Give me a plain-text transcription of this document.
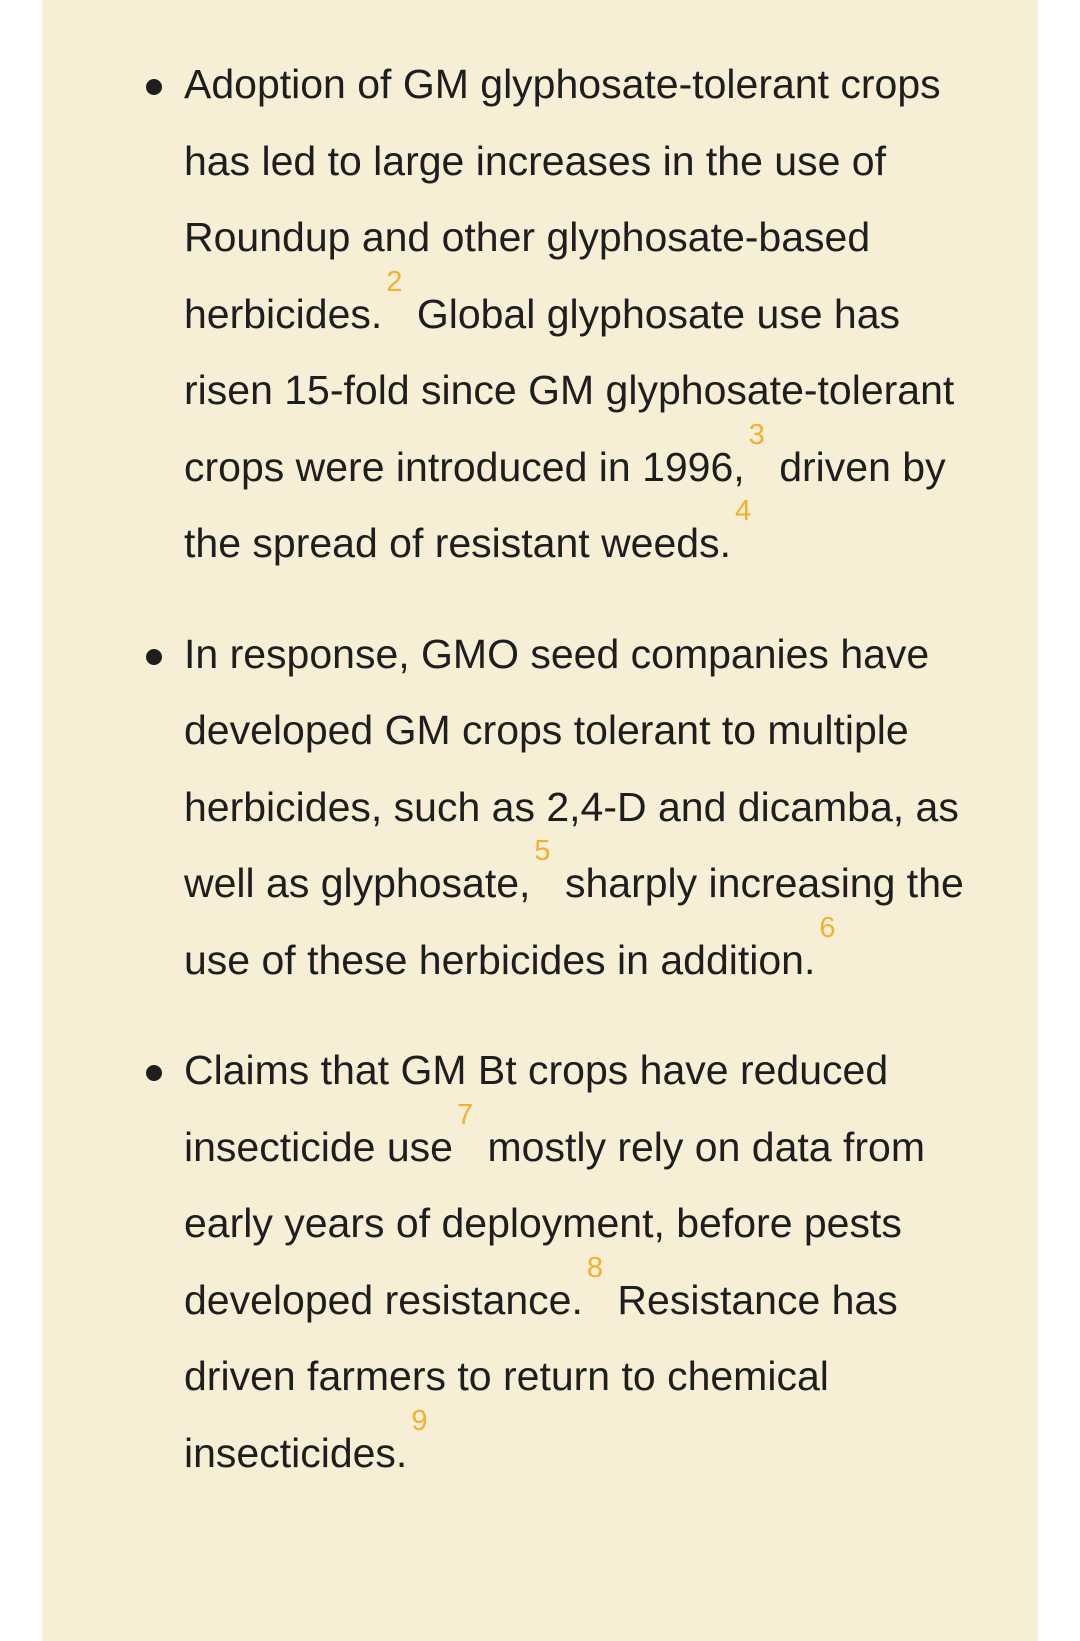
Adoption of GM glyphosate-tolerant crops has led to large increases in the use of Roundup and other glyphosate-based herbicides.$^2$ Global glyphosate use has risen 15-fold since GM glyphosate-tolerant crops were introduced in 1996,$^3$ driven by the spread of resistant weeds.$^4$
In response, GMO seed companies have developed GM crops tolerant to multiple herbicides, such as 2,4-D and dicamba, as well as glyphosate,$^5$ sharply increasing the use of these herbicides in addition.$^6$
Claims that GM Bt crops have reduced insecticide use$^7$ mostly rely on data from early years of deployment, before pests developed resistance.$^8$ Resistance has driven farmers to return to chemical insecticides.$^9$
